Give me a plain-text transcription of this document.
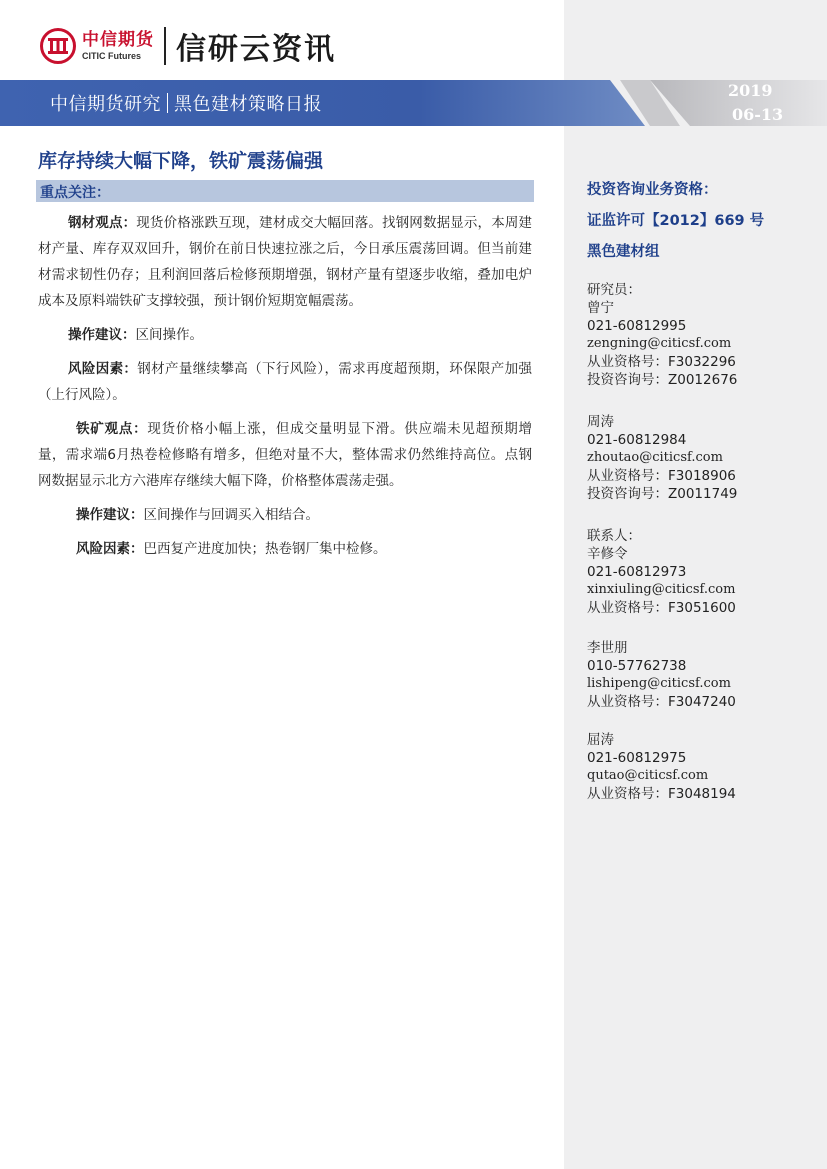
中信期货
CITIC Futures	信研云资讯
中信期货研究 黑色建材策略日报
2019
06-13
库存持续大幅下降，铁矿震荡偏强
重点关注：

钢材观点：现货价格涨跌互现，建材成交大幅回落。找钢网数据显示，本周建材产量、库存双双回升，钢价在前日快速拉涨之后，今日承压震荡回调。但当前建材需求韧性仍存；且利润回落后检修预期增强，钢材产量有望逐步收缩，叠加电炉成本及原料端铁矿支撑较强，预计钢价短期宽幅震荡。

操作建议：区间操作。

风险因素：钢材产量继续攀高（下行风险），需求再度超预期，环保限产加强（上行风险）。

铁矿观点：现货价格小幅上涨，但成交量明显下滑。供应端未见超预期增量，需求端6月热卷检修略有增多，但绝对量不大，整体需求仍然维持高位。点钢网数据显示北方六港库存继续大幅下降，价格整体震荡走强。

操作建议：区间操作与回调买入相结合。

风险因素：巴西复产进度加快；热卷钢厂集中检修。

投资咨询业务资格：
证监许可【2012】669 号
黑色建材组
研究员：
曾宁
021-60812995
zengning@citicsf.com
从业资格号：F3032296
投资咨询号：Z0012676
周涛
021-60812984
zhoutao@citicsf.com
从业资格号：F3018906
投资咨询号：Z0011749
联系人：
辛修令
021-60812973
xinxiuling@citicsf.com
从业资格号：F3051600
李世朋
010-57762738
lishipeng@citicsf.com
从业资格号：F3047240
屈涛
021-60812975
qutao@citicsf.com
从业资格号：F3048194
